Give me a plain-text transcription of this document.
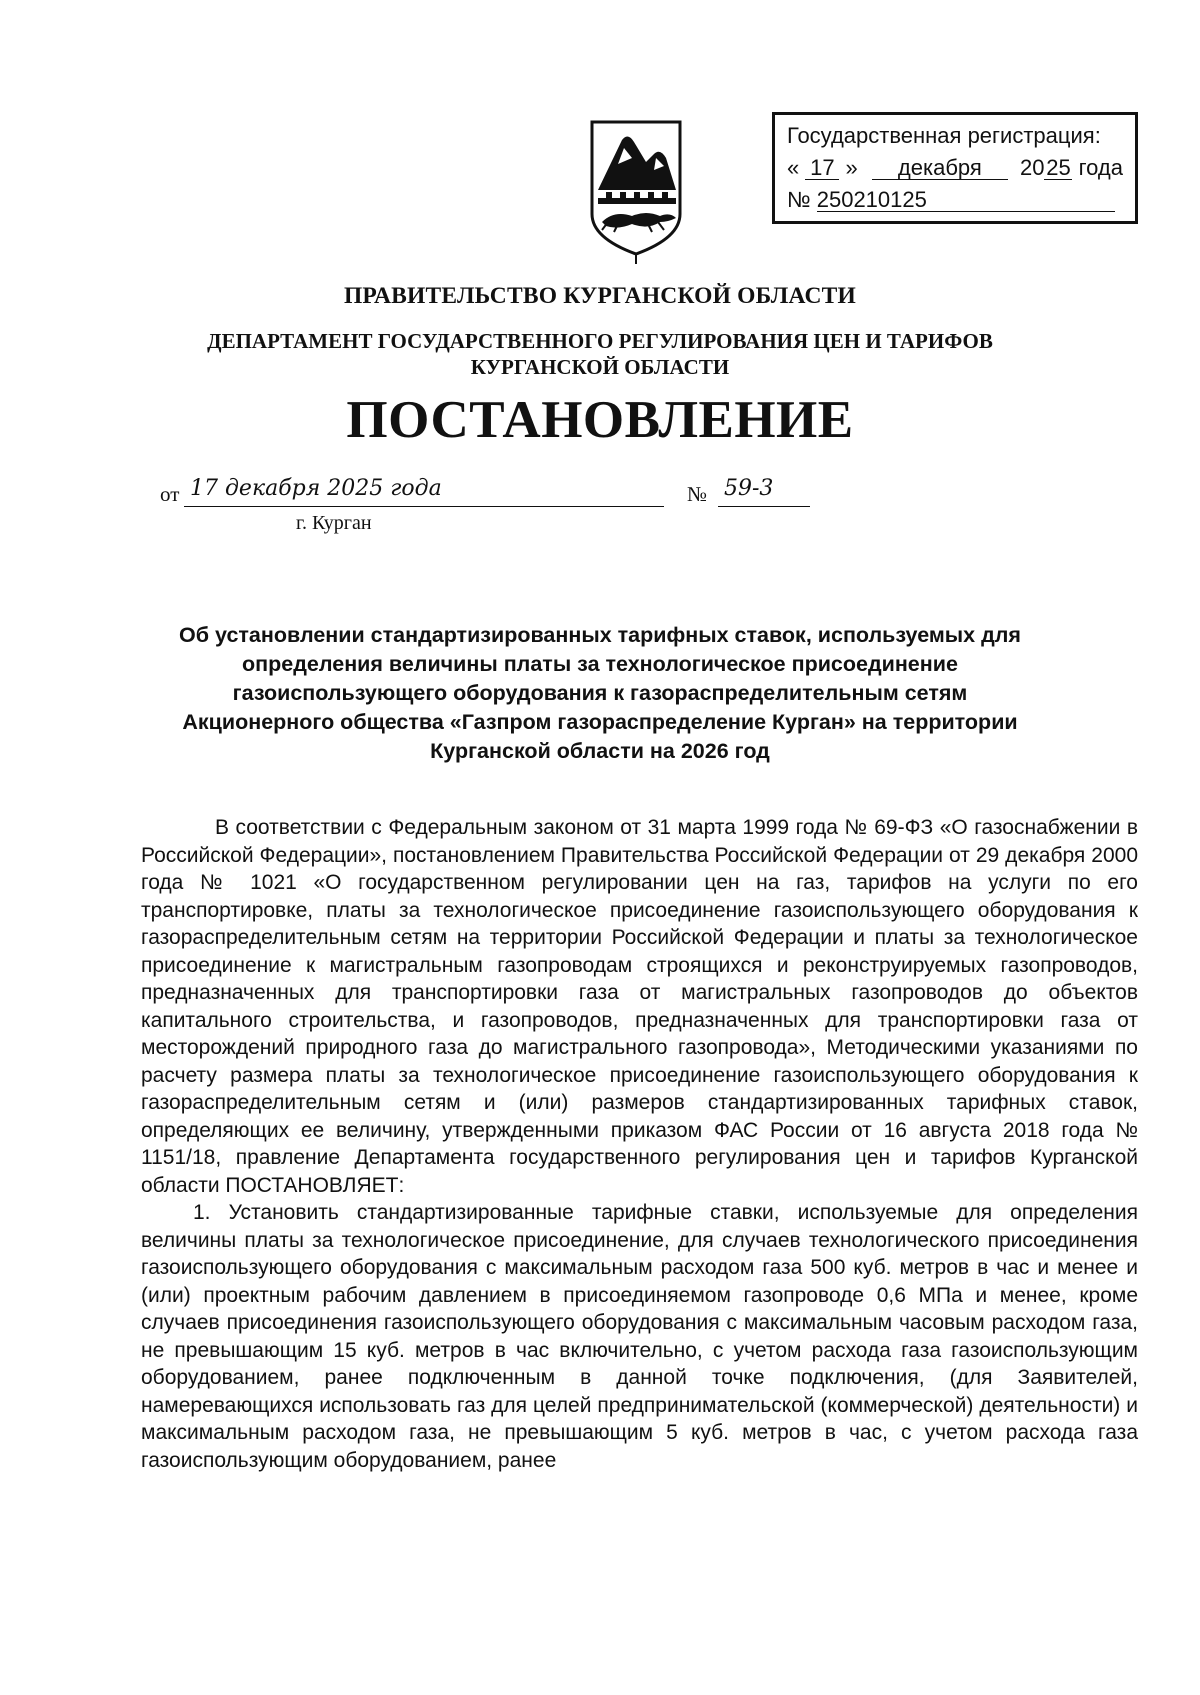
Государственная регистрация:
« 17 » декабря 2025 года
№ 250210125
ПРАВИТЕЛЬСТВО КУРГАНСКОЙ ОБЛАСТИ
ДЕПАРТАМЕНТ ГОСУДАРСТВЕННОГО РЕГУЛИРОВАНИЯ ЦЕН И ТАРИФОВ
КУРГАНСКОЙ ОБЛАСТИ
ПОСТАНОВЛЕНИЕ
от 17 декабря 2025 года	№ 59-3
г. Курган
Об установлении стандартизированных тарифных ставок, используемых для
определения величины платы за технологическое присоединение
газоиспользующего оборудования к газораспределительным сетям
Акционерного общества «Газпром газораспределение Курган» на территории
Курганской области на 2026 год

В соответствии с Федеральным законом от 31 марта 1999 года № 69-ФЗ «О газоснабжении в Российской Федерации», постановлением Правительства Российской Федерации от 29 декабря 2000 года № 1021 «О государственном регулировании цен на газ, тарифов на услуги по его транспортировке, платы за технологическое присоединение газоиспользующего оборудования к газораспределительным сетям на территории Российской Федерации и платы за технологическое присоединение к магистральным газопроводам строящихся и реконструируемых газопроводов, предназначенных для транспортировки газа от магистральных газопроводов до объектов капитального строительства, и газопроводов, предназначенных для транспортировки газа от месторождений природного газа до магистрального газопровода», Методическими указаниями по расчету размера платы за технологическое присоединение газоиспользующего оборудования к газораспределительным сетям и (или) размеров стандартизированных тарифных ставок, определяющих ее величину, утвержденными приказом ФАС России от 16 августа 2018 года № 1151/18, правление Департамента государственного регулирования цен и тарифов Курганской области ПОСТАНОВЛЯЕТ:

1. Установить стандартизированные тарифные ставки, используемые для определения величины платы за технологическое присоединение, для случаев технологического присоединения газоиспользующего оборудования с максимальным расходом газа 500 куб. метров в час и менее и (или) проектным рабочим давлением в присоединяемом газопроводе 0,6 МПа и менее, кроме случаев присоединения газоиспользующего оборудования с максимальным часовым расходом газа, не превышающим 15 куб. метров в час включительно, с учетом расхода газа газоиспользующим оборудованием, ранее подключенным в данной точке подключения, (для Заявителей, намеревающихся использовать газ для целей предпринимательской (коммерческой) деятельности) и максимальным расходом газа, не превышающим 5 куб. метров в час, с учетом расхода газа газоиспользующим оборудованием, ранее
